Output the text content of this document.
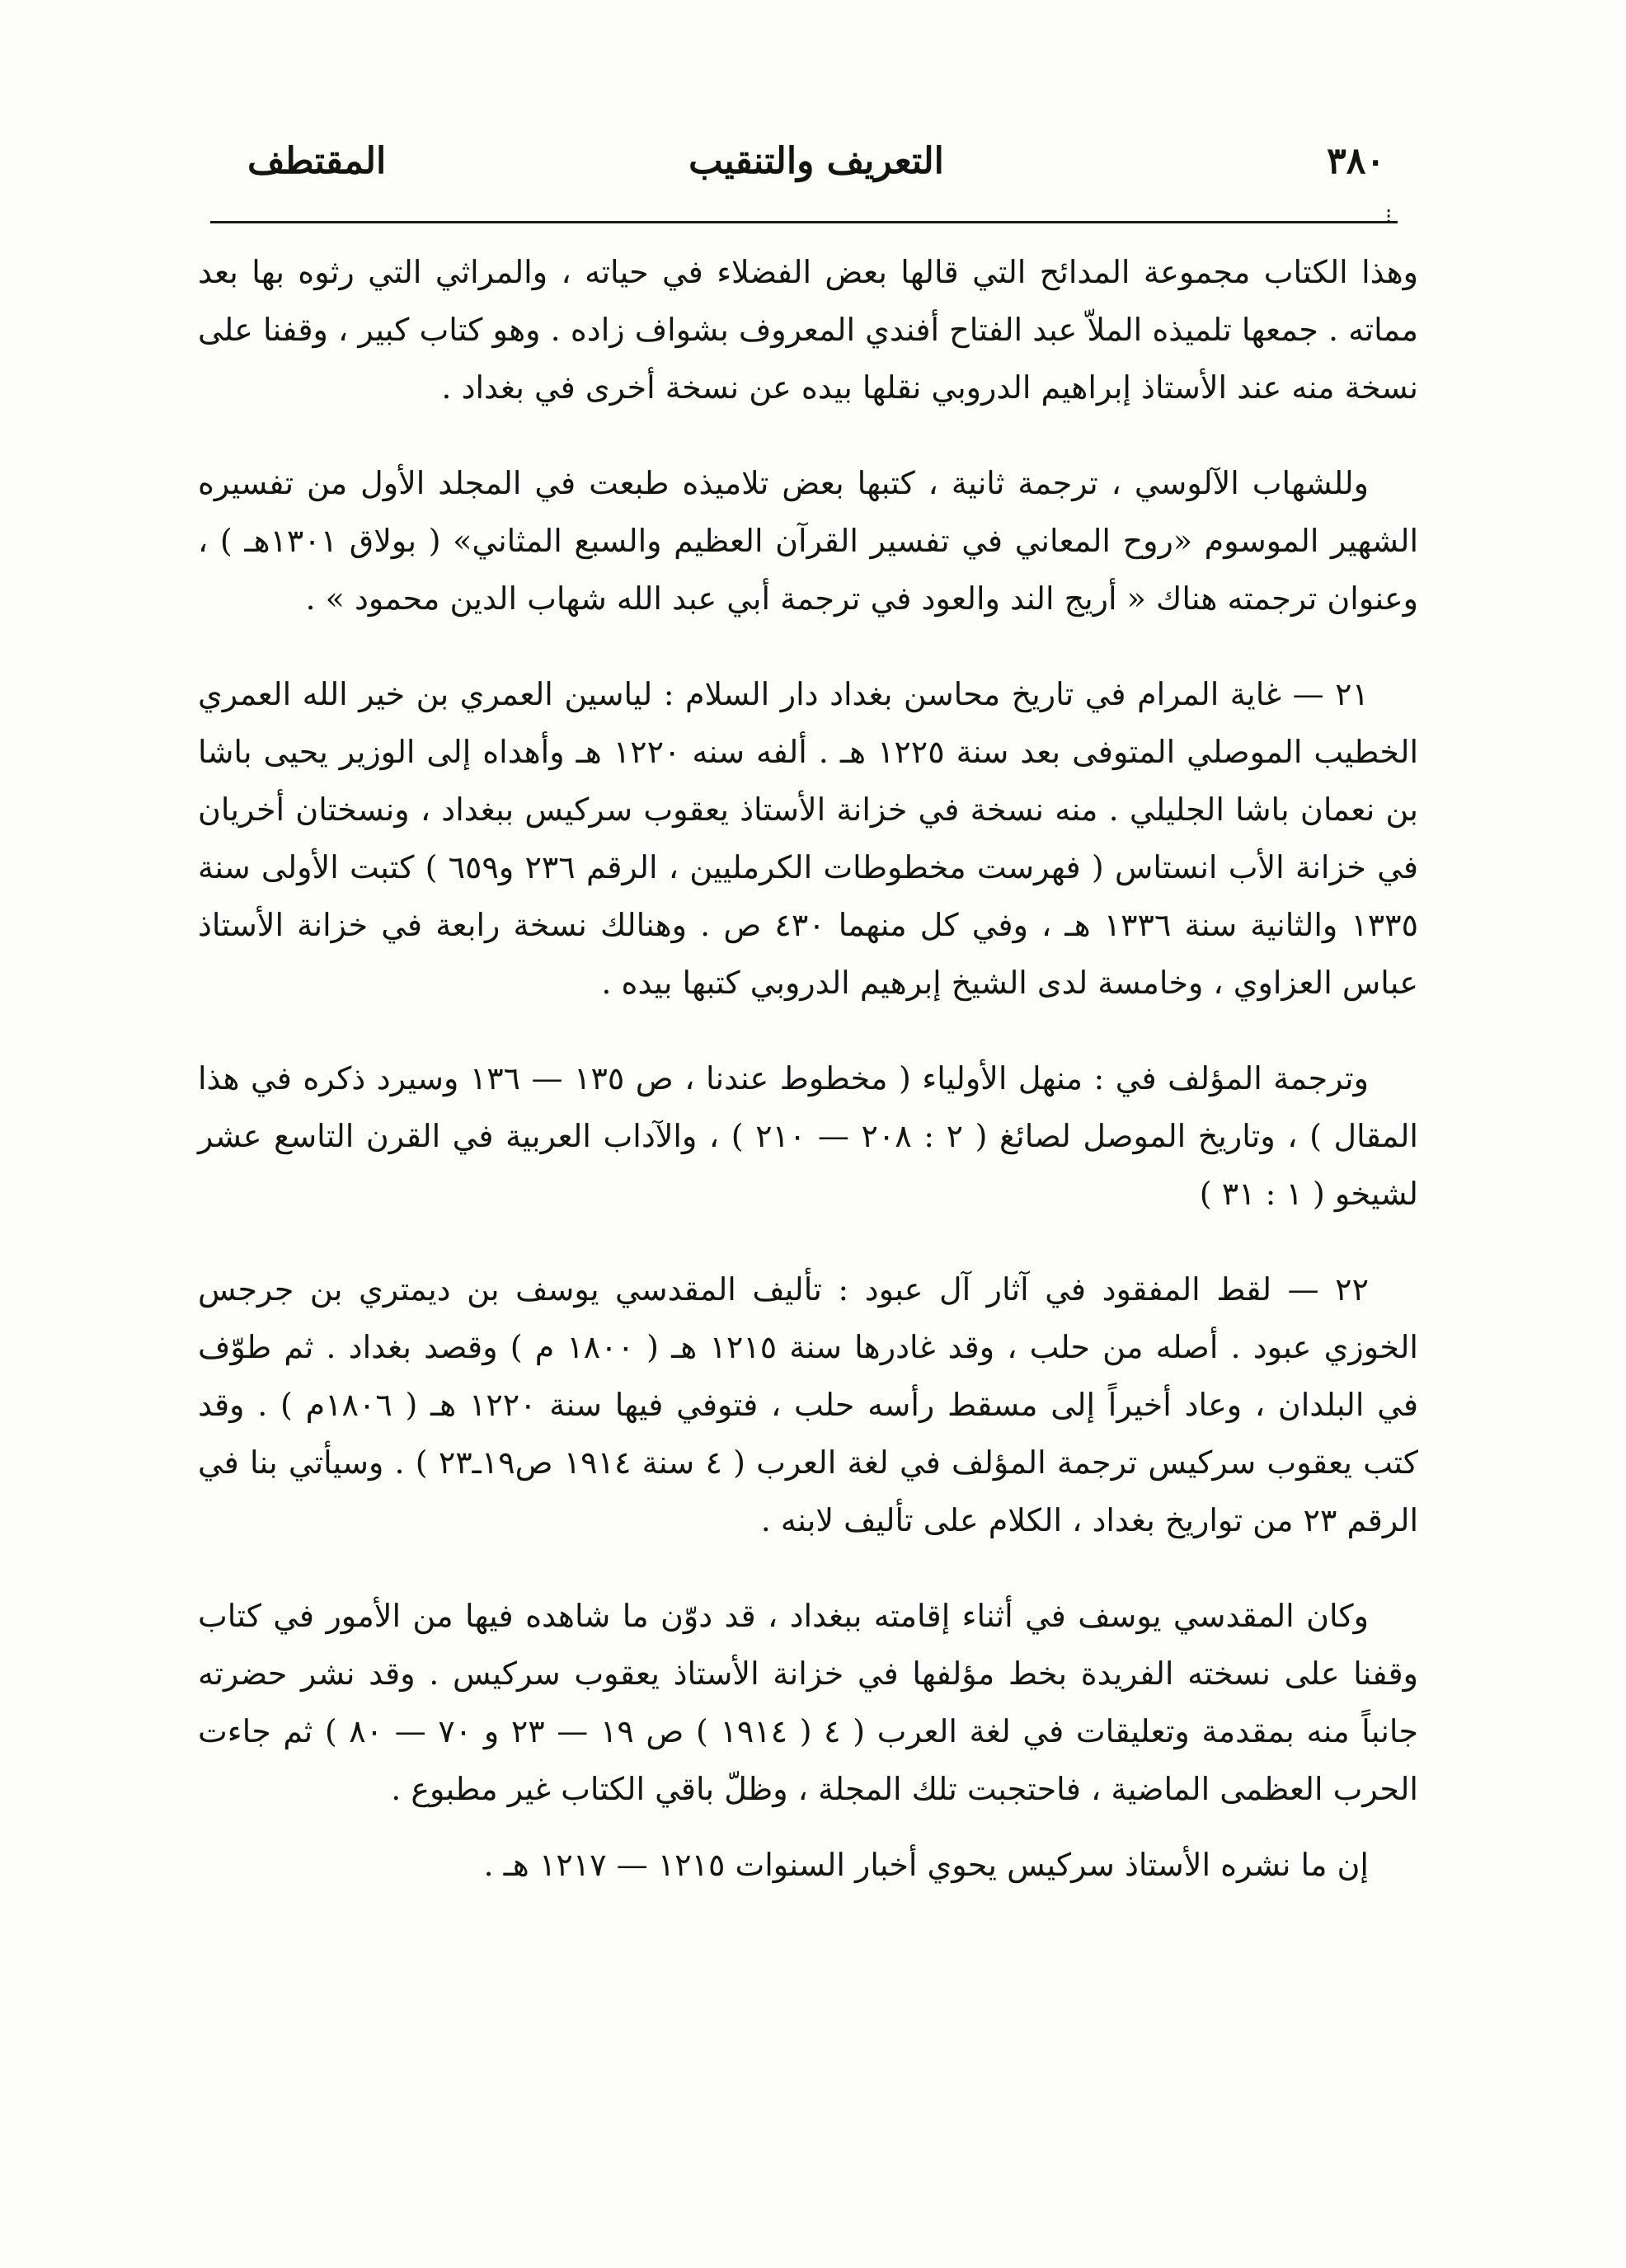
٣٨٠
التعريف والتنقيب
المقتطف
⁝

وهذا الكتاب مجموعة المدائح التي قالها بعض الفضلاء في حياته ، والمراثي التي رثوه بها بعد مماته . جمعها تلميذه الملاّ عبد الفتاح أفندي المعروف بشواف زاده . وهو كتاب كبير ، وقفنا على نسخة منه عند الأستاذ إبراهيم الدروبي نقلها بيده عن نسخة أخرى في بغداد .

وللشهاب الآلوسي ، ترجمة ثانية ، كتبها بعض تلاميذه طبعت في المجلد الأول من تفسيره الشهير الموسوم «روح المعاني في تفسير القرآن العظيم والسبع المثاني» ( بولاق ١٣٠١هـ ) ، وعنوان ترجمته هناك « أريج الند والعود في ترجمة أبي عبد الله شهاب الدين محمود » .

٢١ — غاية المرام في تاريخ محاسن بغداد دار السلام : لياسين العمري بن خير الله العمري الخطيب الموصلي المتوفى بعد سنة ١٢٢٥ هـ . ألفه سنه ١٢٢٠ هـ وأهداه إلى الوزير يحيى باشا بن نعمان باشا الجليلي . منه نسخة في خزانة الأستاذ يعقوب سركيس ببغداد ، ونسختان أخريان في خزانة الأب انستاس ( فهرست مخطوطات الكرمليين ، الرقم ٢٣٦ و٦٥٩ ) كتبت الأولى سنة ١٣٣٥ والثانية سنة ١٣٣٦ هـ ، وفي كل منهما ٤٣٠ ص . وهنالك نسخة رابعة في خزانة الأستاذ عباس العزاوي ، وخامسة لدى الشيخ إبرهيم الدروبي كتبها بيده .

وترجمة المؤلف في : منهل الأولياء ( مخطوط عندنا ، ص ١٣٥ — ١٣٦ وسيرد ذكره في هذا المقال ) ، وتاريخ الموصل لصائغ ( ٢ : ٢٠٨ — ٢١٠ ) ، والآداب العربية في القرن التاسع عشر لشيخو ( ١ : ٣١ )

٢٢ — لقط المفقود في آثار آل عبود : تأليف المقدسي يوسف بن ديمتري بن جرجس الخوزي عبود . أصله من حلب ، وقد غادرها سنة ١٢١٥ هـ ( ١٨٠٠ م ) وقصد بغداد . ثم طوّف في البلدان ، وعاد أخيراً إلى مسقط رأسه حلب ، فتوفي فيها سنة ١٢٢٠ هـ ( ١٨٠٦م ) . وقد كتب يعقوب سركيس ترجمة المؤلف في لغة العرب ( ٤ سنة ١٩١٤ ص١٩ـ٢٣ ) . وسيأتي بنا في الرقم ٢٣ من تواريخ بغداد ، الكلام على تأليف لابنه .

وكان المقدسي يوسف في أثناء إقامته ببغداد ، قد دوّن ما شاهده فيها من الأمور في كتاب وقفنا على نسخته الفريدة بخط مؤلفها في خزانة الأستاذ يعقوب سركيس . وقد نشر حضرته جانباً منه بمقدمة وتعليقات في لغة العرب ( ٤ ( ١٩١٤ ) ص ١٩ — ٢٣ و ٧٠ — ٨٠ ) ثم جاءت الحرب العظمى الماضية ، فاحتجبت تلك المجلة ، وظلّ باقي الكتاب غير مطبوع .

إن ما نشره الأستاذ سركيس يحوي أخبار السنوات ١٢١٥ — ١٢١٧ هـ .
